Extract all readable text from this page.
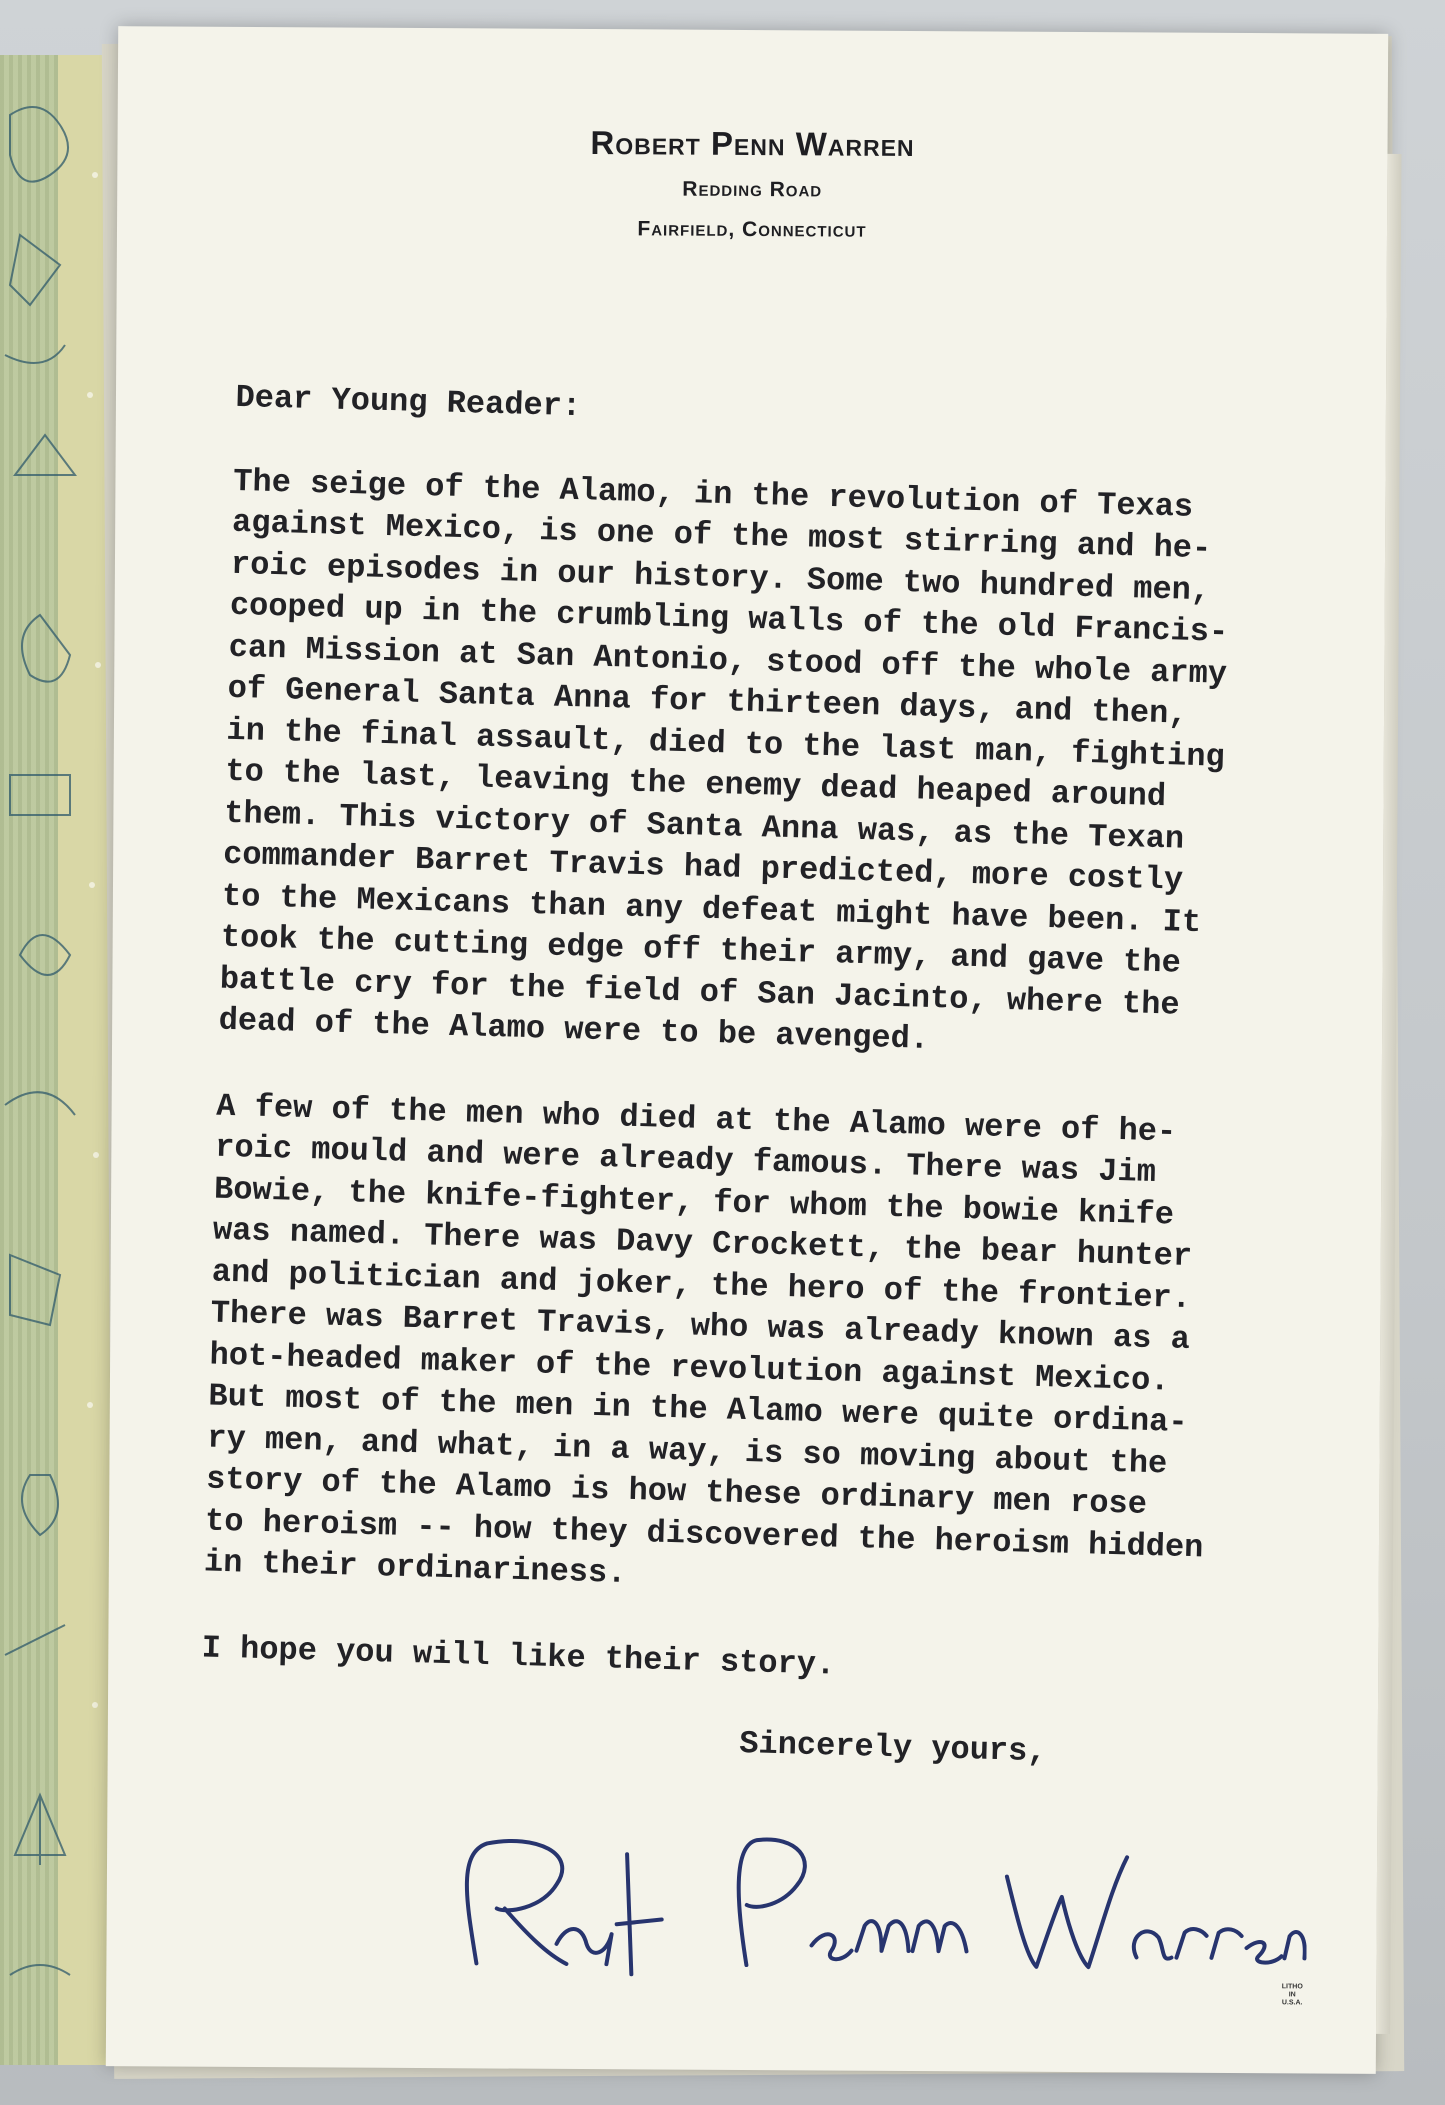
Robert Penn Warren
Redding Road
Fairfield, Connecticut
Dear Young Reader:
The seige of the Alamo, in the revolution of Texas
against Mexico, is one of the most stirring and he-
roic episodes in our history. Some two hundred men,
cooped up in the crumbling walls of the old Francis-
can Mission at San Antonio, stood off the whole army
of General Santa Anna for thirteen days, and then,
in the final assault, died to the last man, fighting
to the last, leaving the enemy dead heaped around
them. This victory of Santa Anna was, as the Texan
commander Barret Travis had predicted, more costly
to the Mexicans than any defeat might have been. It
took the cutting edge off their army, and gave the
battle cry for the field of San Jacinto, where the
dead of the Alamo were to be avenged.
A few of the men who died at the Alamo were of he-
roic mould and were already famous. There was Jim
Bowie, the knife-fighter, for whom the bowie knife
was named. There was Davy Crockett, the bear hunter
and politician and joker, the hero of the frontier.
There was Barret Travis, who was already known as a
hot-headed maker of the revolution against Mexico.
But most of the men in the Alamo were quite ordina-
ry men, and what, in a way, is so moving about the
story of the Alamo is how these ordinary men rose
to heroism -- how they discovered the heroism hidden
in their ordinariness.
I hope you will like their story.
Sincerely yours,
LITHO
IN
U.S.A.
